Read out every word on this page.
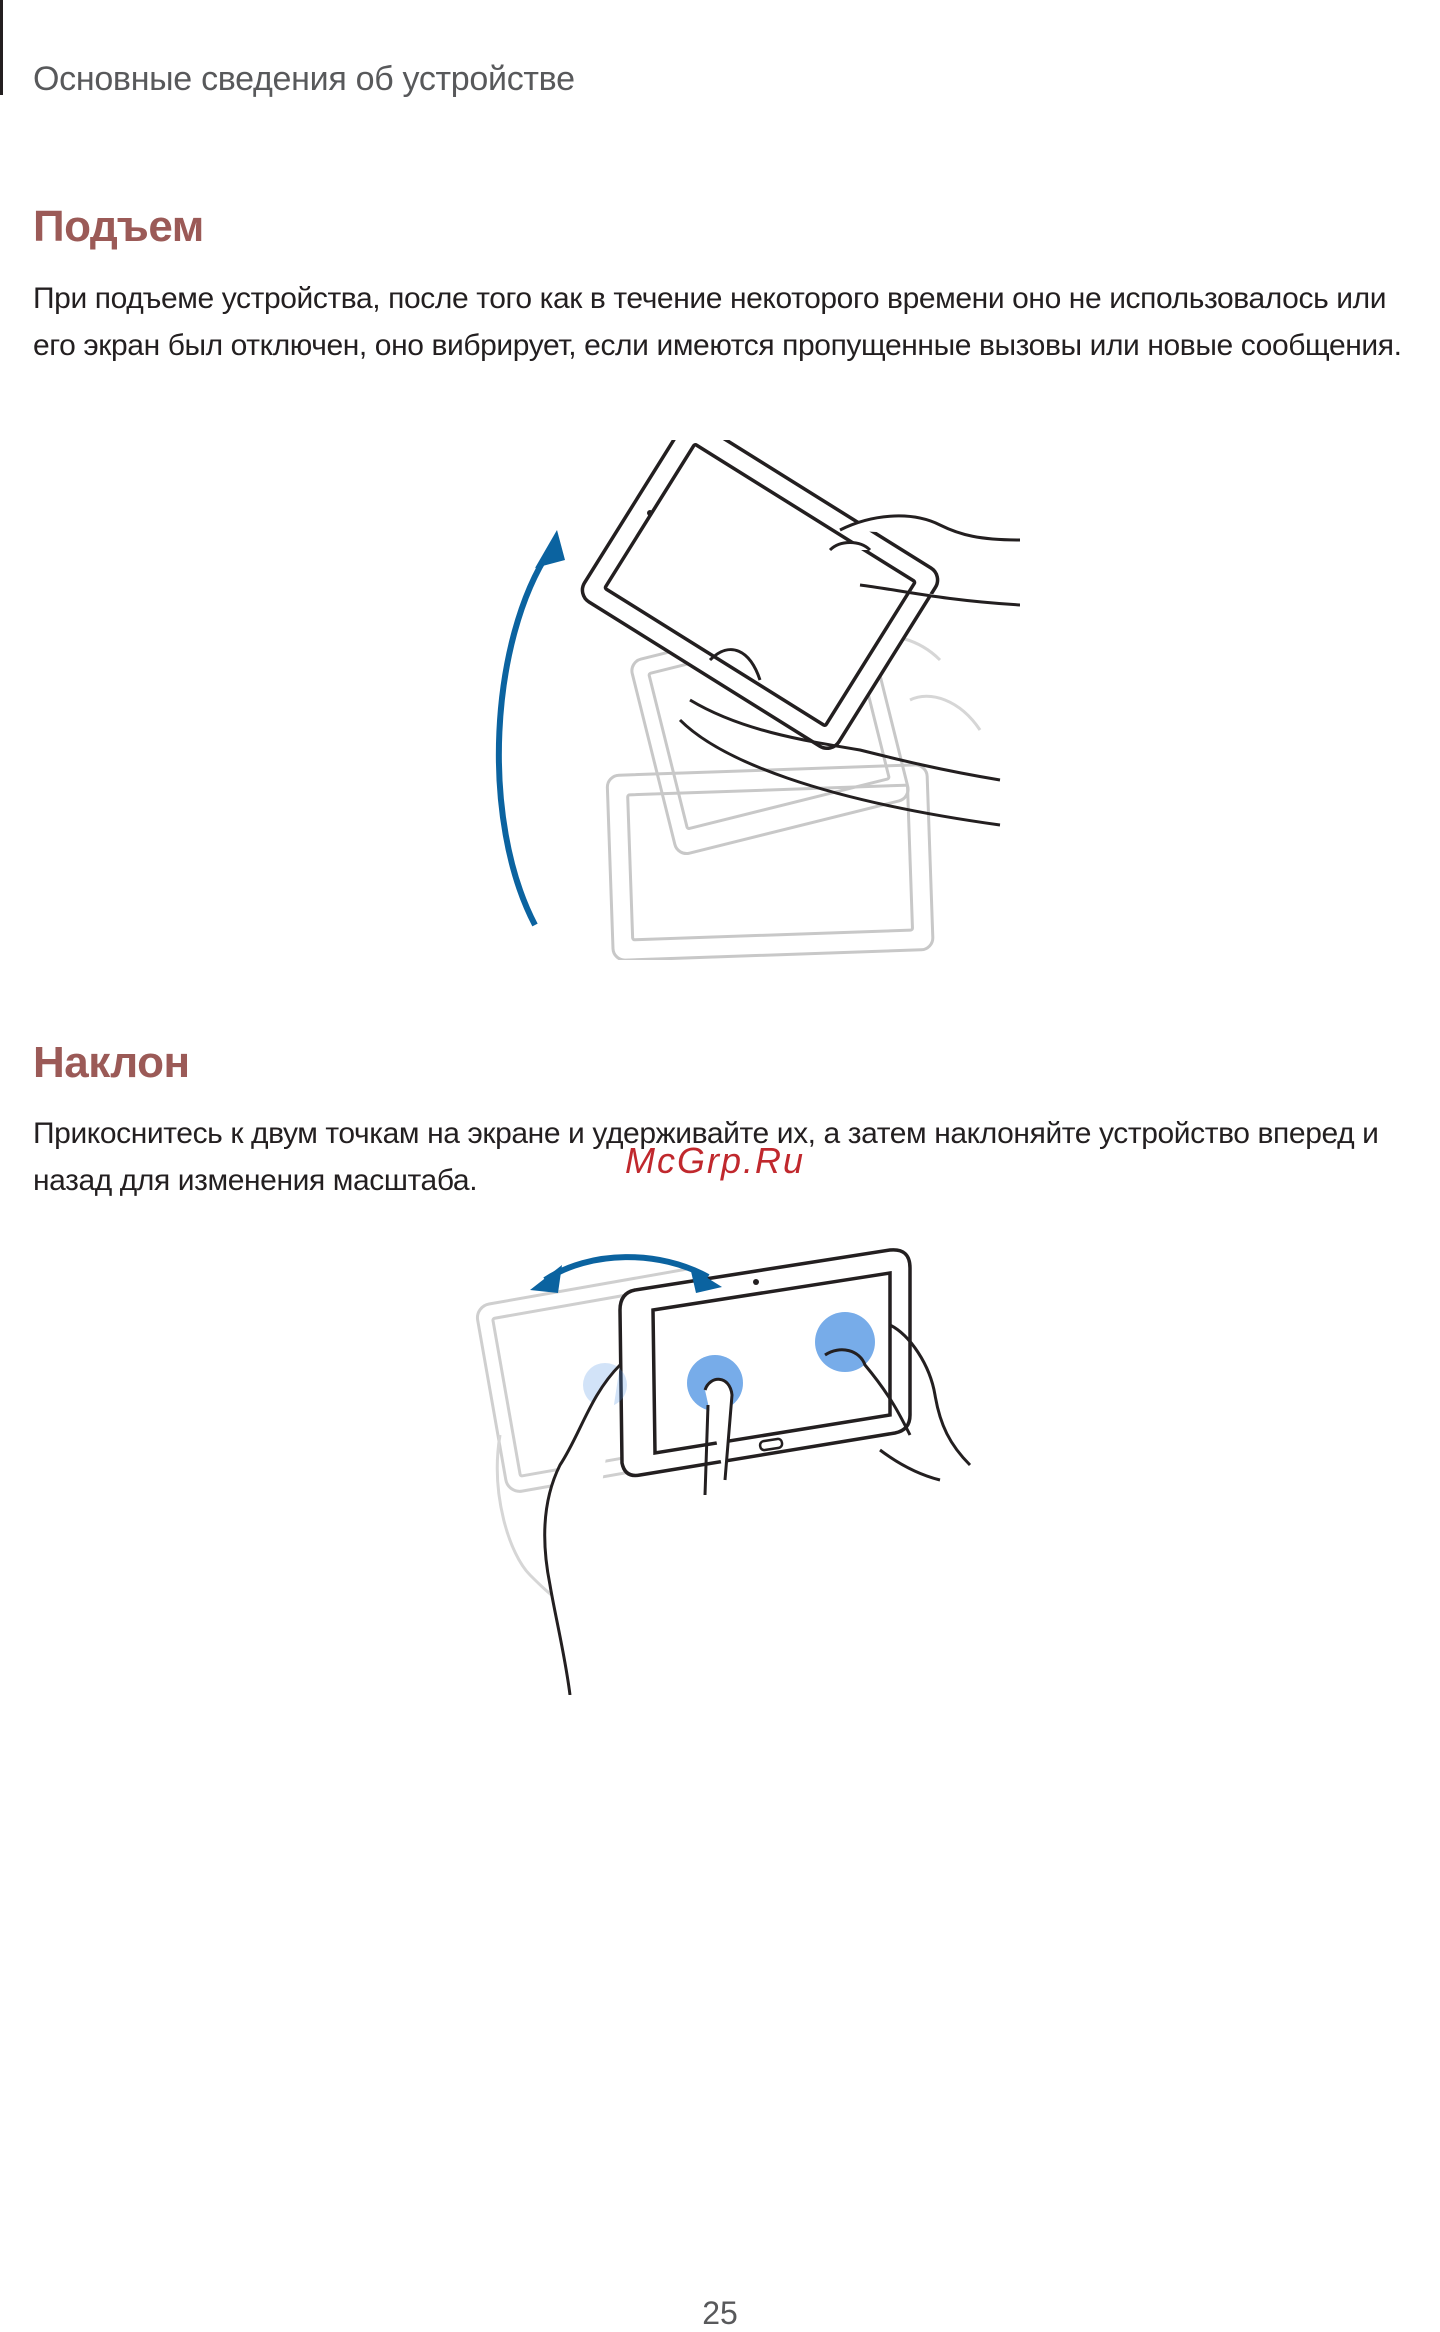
Основные сведения об устройстве
Подъем
При подъеме устройства, после того как в течение некоторого времени оно не использовалось или его экран был отключен, оно вибрирует, если имеются пропущенные вызовы или новые сообщения.
Наклон
Прикоснитесь к двум точкам на экране и удерживайте их, а затем наклоняйте устройство вперед и назад для изменения масштаба.	McGrp.Ru
25
